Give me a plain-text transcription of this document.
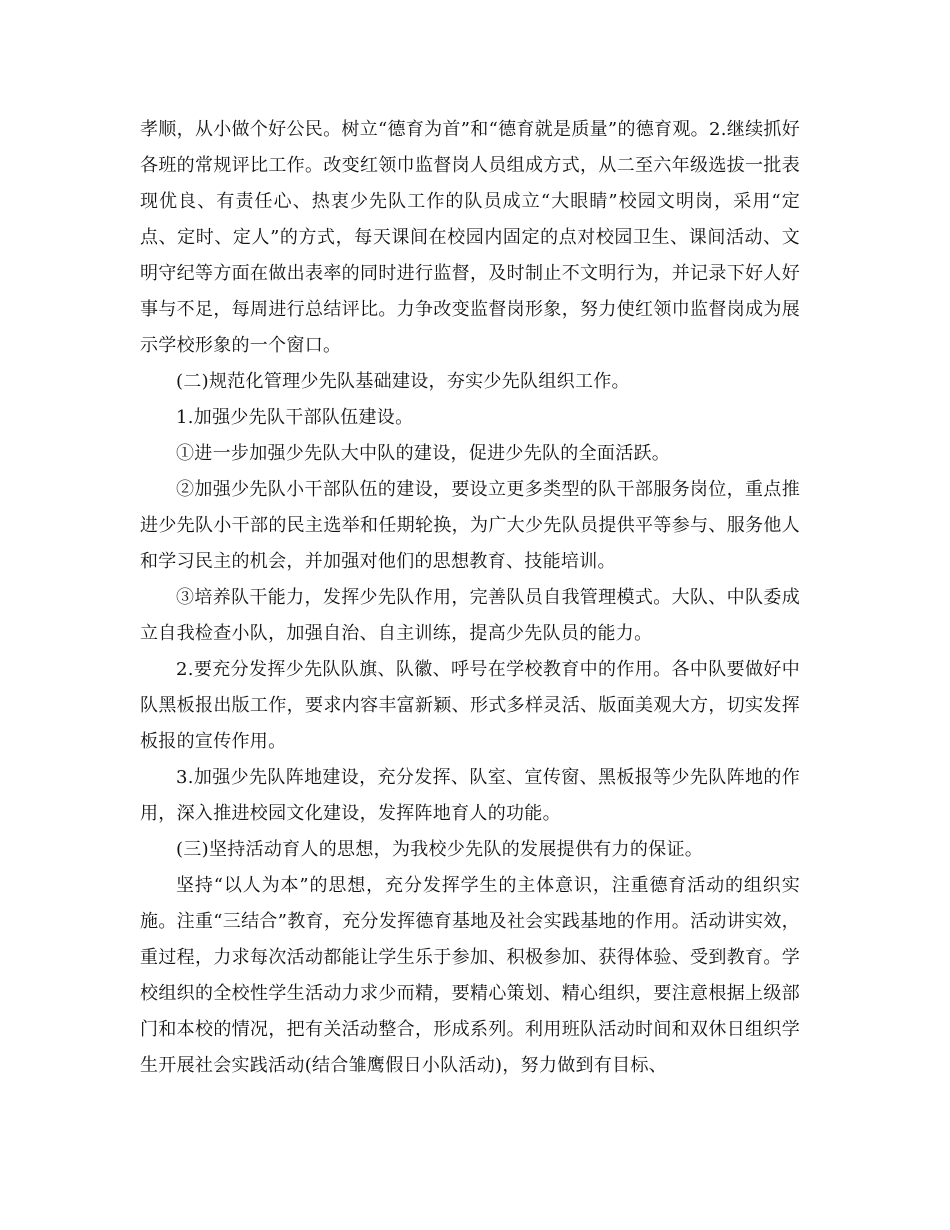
孝顺，从小做个好公民。树立“德育为首”和“德育就是质量”的德育观。2.继续抓好各班的常规评比工作。改变红领巾监督岗人员组成方式，从二至六年级选拔一批表现优良、有责任心、热衷少先队工作的队员成立“大眼睛”校园文明岗，采用“定点、定时、定人”的方式，每天课间在校园内固定的点对校园卫生、课间活动、文明守纪等方面在做出表率的同时进行监督，及时制止不文明行为，并记录下好人好事与不足，每周进行总结评比。力争改变监督岗形象，努力使红领巾监督岗成为展示学校形象的一个窗口。

(二)规范化管理少先队基础建设，夯实少先队组织工作。

1.加强少先队干部队伍建设。

①进一步加强少先队大中队的建设，促进少先队的全面活跃。

②加强少先队小干部队伍的建设，要设立更多类型的队干部服务岗位，重点推进少先队小干部的民主选举和任期轮换，为广大少先队员提供平等参与、服务他人和学习民主的机会，并加强对他们的思想教育、技能培训。

③培养队干能力，发挥少先队作用，完善队员自我管理模式。大队、中队委成立自我检查小队，加强自治、自主训练，提高少先队员的能力。

2.要充分发挥少先队队旗、队徽、呼号在学校教育中的作用。各中队要做好中队黑板报出版工作，要求内容丰富新颖、形式多样灵活、版面美观大方，切实发挥板报的宣传作用。

3.加强少先队阵地建设，充分发挥、队室、宣传窗、黑板报等少先队阵地的作用，深入推进校园文化建设，发挥阵地育人的功能。

(三)坚持活动育人的思想，为我校少先队的发展提供有力的保证。

坚持“以人为本”的思想，充分发挥学生的主体意识，注重德育活动的组织实施。注重“三结合”教育，充分发挥德育基地及社会实践基地的作用。活动讲实效，重过程，力求每次活动都能让学生乐于参加、积极参加、获得体验、受到教育。学校组织的全校性学生活动力求少而精，要精心策划、精心组织，要注意根据上级部门和本校的情况，把有关活动整合，形成系列。利用班队活动时间和双休日组织学生开展社会实践活动(结合雏鹰假日小队活动)，努力做到有目标、
